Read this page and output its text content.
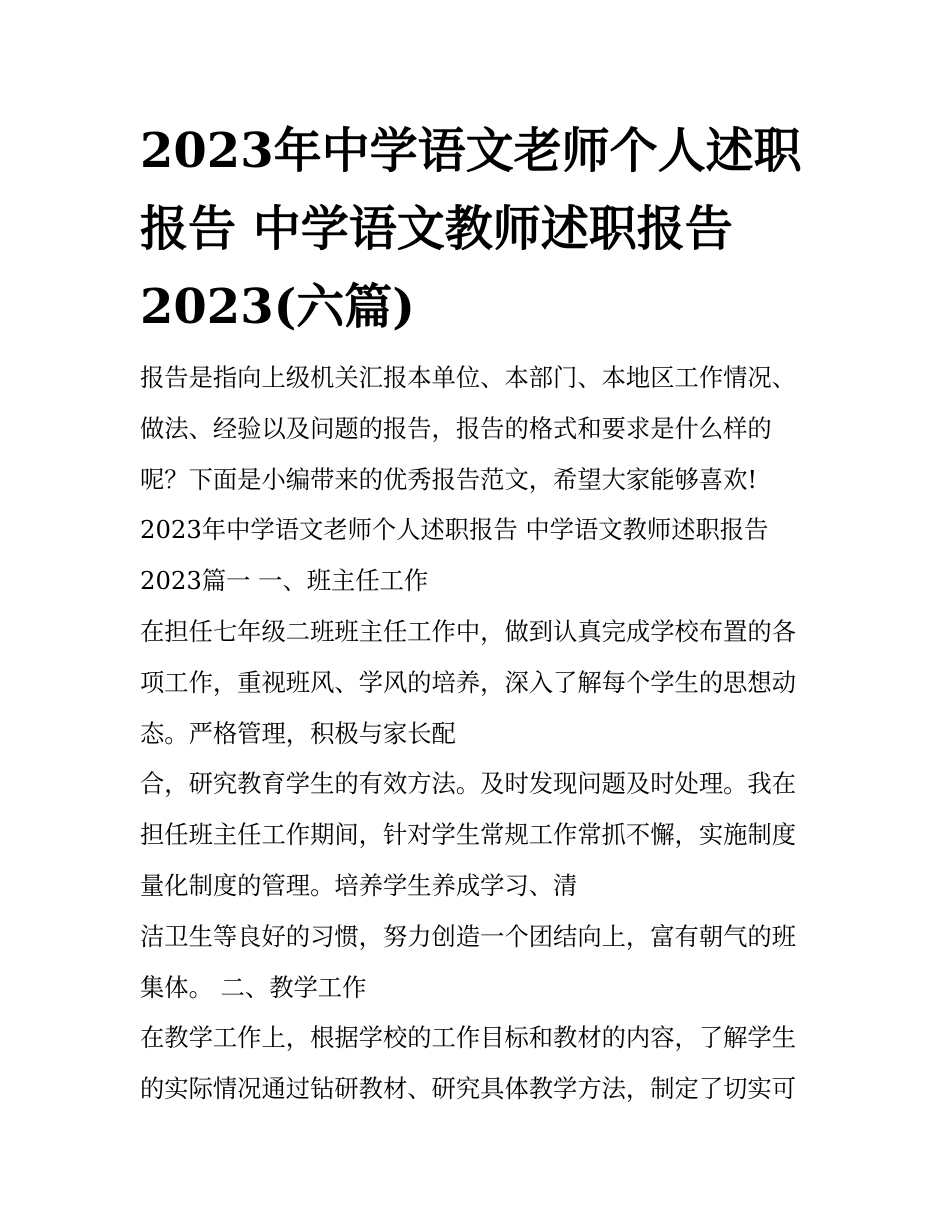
2023年中学语文老师个人述职
报告 中学语文教师述职报告
2023(六篇)
报告是指向上级机关汇报本单位、本部门、本地区工作情况、
做法、经验以及问题的报告，报告的格式和要求是什么样的
呢？下面是小编带来的优秀报告范文，希望大家能够喜欢!
2023年中学语文老师个人述职报告 中学语文教师述职报告
2023篇一 一、班主任工作
在担任七年级二班班主任工作中，做到认真完成学校布置的各
项工作，重视班风、学风的培养，深入了解每个学生的思想动
态。严格管理，积极与家长配
合，研究教育学生的有效方法。及时发现问题及时处理。我在
担任班主任工作期间，针对学生常规工作常抓不懈，实施制度
量化制度的管理。培养学生养成学习、清
洁卫生等良好的习惯，努力创造一个团结向上，富有朝气的班
集体。 二、教学工作
在教学工作上，根据学校的工作目标和教材的内容，了解学生
的实际情况通过钻研教材、研究具体教学方法，制定了切实可
